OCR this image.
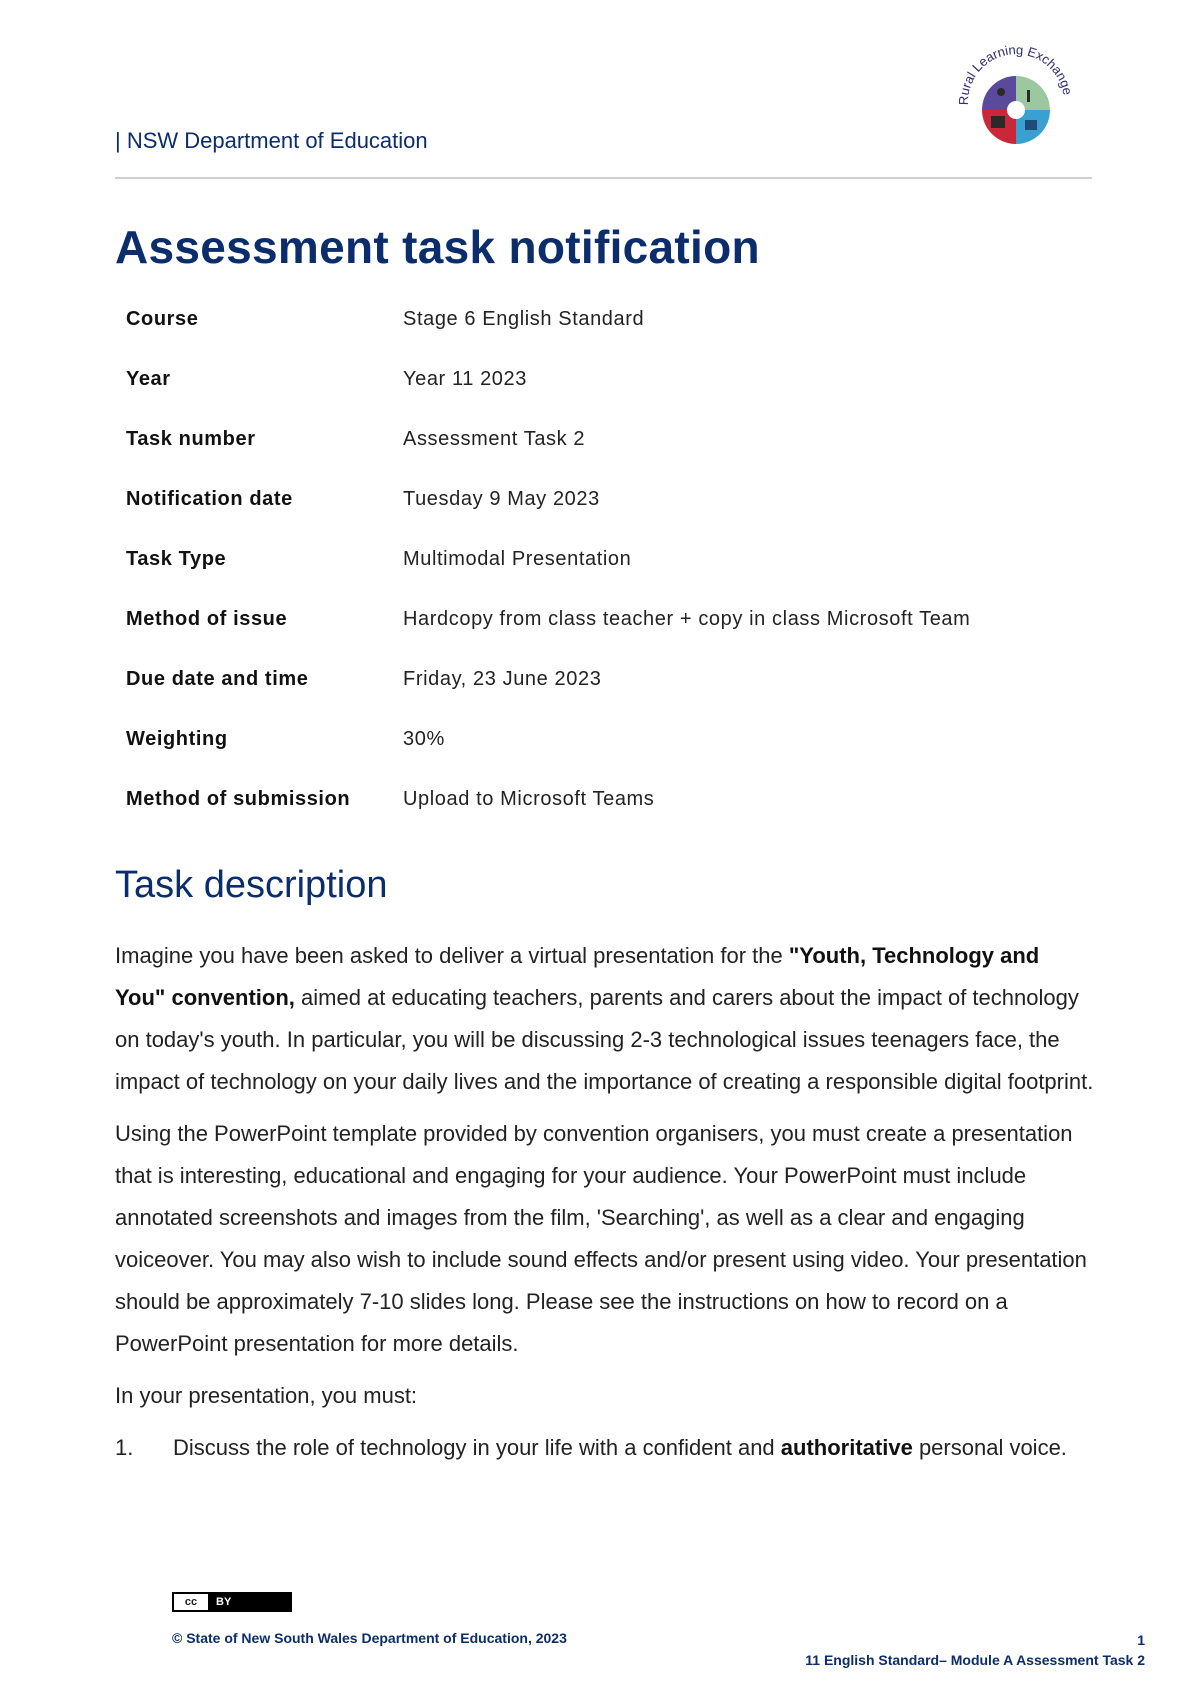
| NSW Department of Education
Rural Learning Exchange
Assessment task notification
Course	Stage 6 English Standard
Year	Year 11 2023
Task number	Assessment Task 2
Notification date	Tuesday 9 May 2023
Task Type	Multimodal Presentation
Method of issue	Hardcopy from class teacher + copy in class Microsoft Team
Due date and time	Friday, 23 June 2023
Weighting	30%
Method of submission	Upload to Microsoft Teams
Task description

Imagine you have been asked to deliver a virtual presentation for the "Youth, Technology and You" convention, aimed at educating teachers, parents and carers about the impact of technology on today's youth. In particular, you will be discussing 2-3 technological issues teenagers face, the impact of technology on your daily lives and the importance of creating a responsible digital footprint.

Using the PowerPoint template provided by convention organisers, you must create a presentation that is interesting, educational and engaging for your audience. Your PowerPoint must include annotated screenshots and images from the film, 'Searching', as well as a clear and engaging voiceover. You may also wish to include sound effects and/or present using video. Your presentation should be approximately 7-10 slides long. Please see the instructions on how to record on a PowerPoint presentation for more details.

In your presentation, you must:

1. Discuss the role of technology in your life with a confident and authoritative personal voice.
cc	BY
© State of New South Wales Department of Education, 2023	1
11 English Standard– Module A Assessment Task 2
